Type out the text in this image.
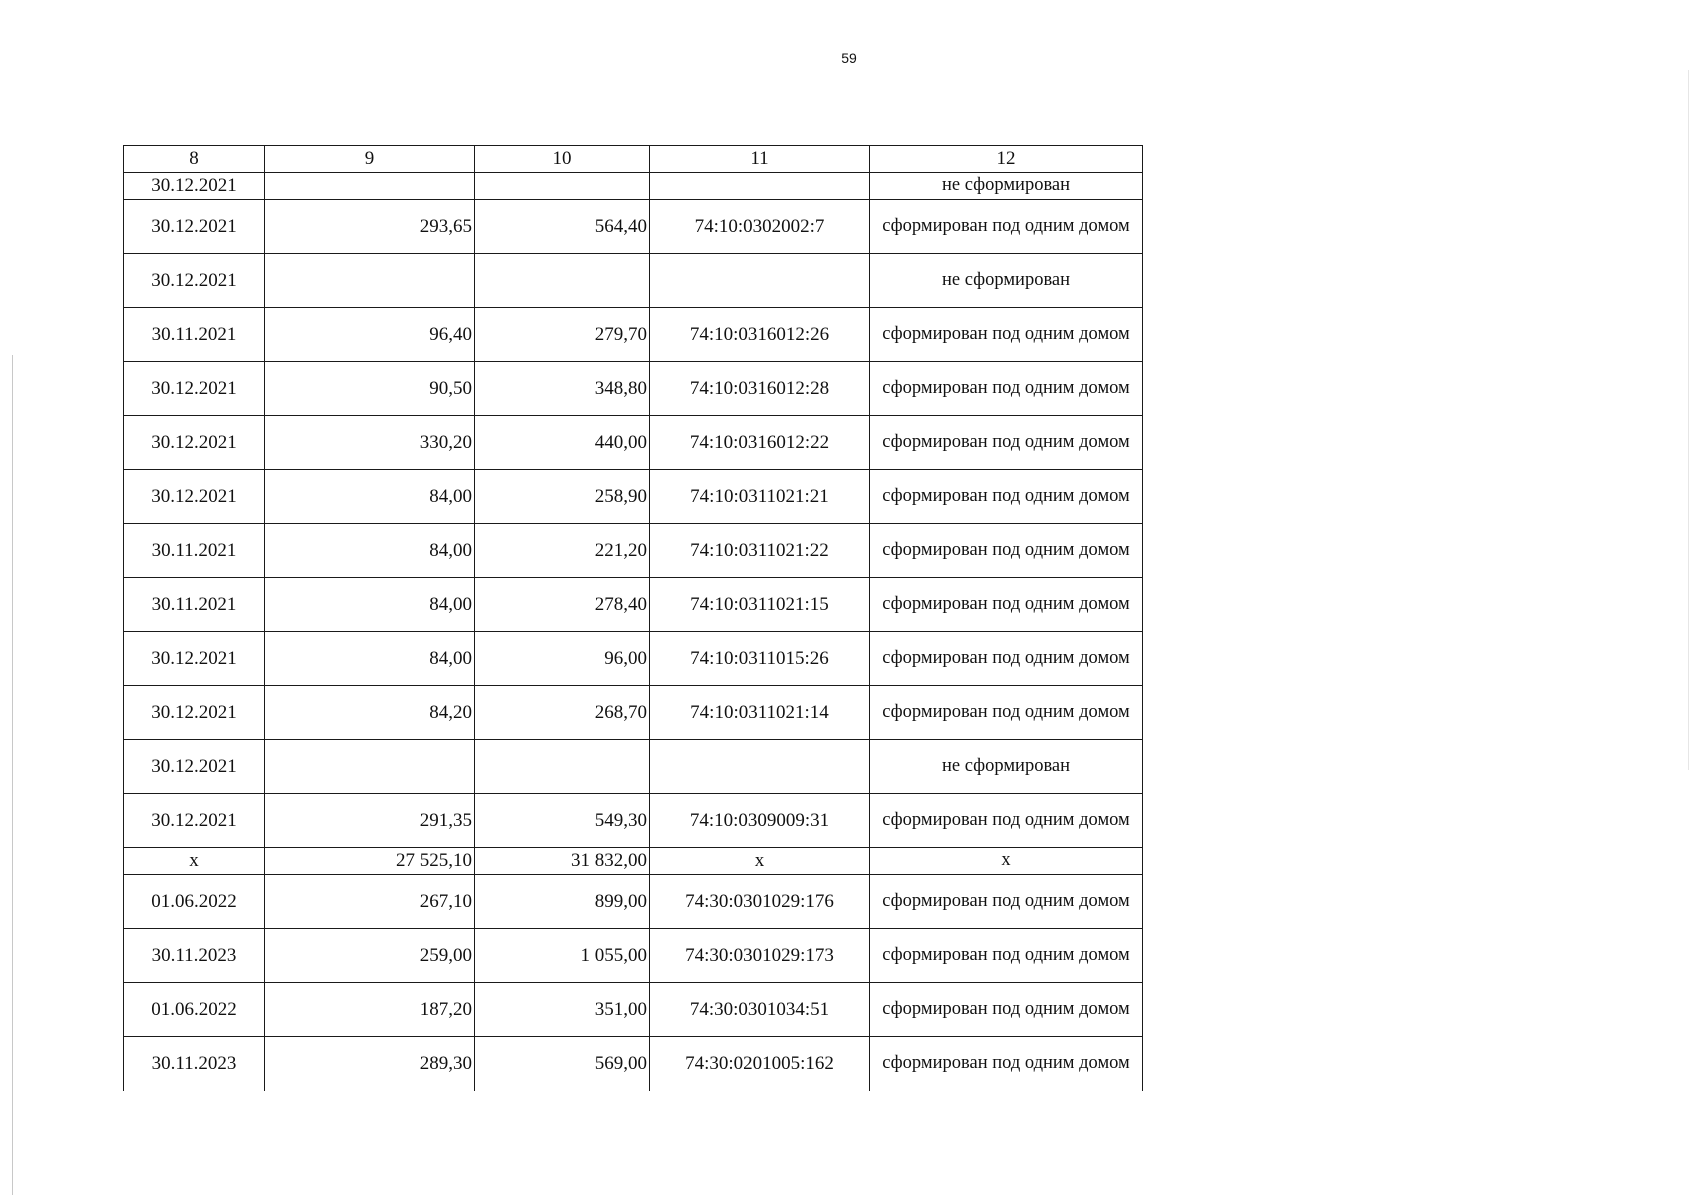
59
8	9	10	11	12
30.12.2021				не сформирован
30.12.2021	293,65	564,40	74:10:0302002:7	сформирован под одним домом
30.12.2021				не сформирован
30.11.2021	96,40	279,70	74:10:0316012:26	сформирован под одним домом
30.12.2021	90,50	348,80	74:10:0316012:28	сформирован под одним домом
30.12.2021	330,20	440,00	74:10:0316012:22	сформирован под одним домом
30.12.2021	84,00	258,90	74:10:0311021:21	сформирован под одним домом
30.11.2021	84,00	221,20	74:10:0311021:22	сформирован под одним домом
30.11.2021	84,00	278,40	74:10:0311021:15	сформирован под одним домом
30.12.2021	84,00	96,00	74:10:0311015:26	сформирован под одним домом
30.12.2021	84,20	268,70	74:10:0311021:14	сформирован под одним домом
30.12.2021				не сформирован
30.12.2021	291,35	549,30	74:10:0309009:31	сформирован под одним домом
х	27 525,10	31 832,00	х	х
01.06.2022	267,10	899,00	74:30:0301029:176	сформирован под одним домом
30.11.2023	259,00	1 055,00	74:30:0301029:173	сформирован под одним домом
01.06.2022	187,20	351,00	74:30:0301034:51	сформирован под одним домом
30.11.2023	289,30	569,00	74:30:0201005:162	сформирован под одним домом
